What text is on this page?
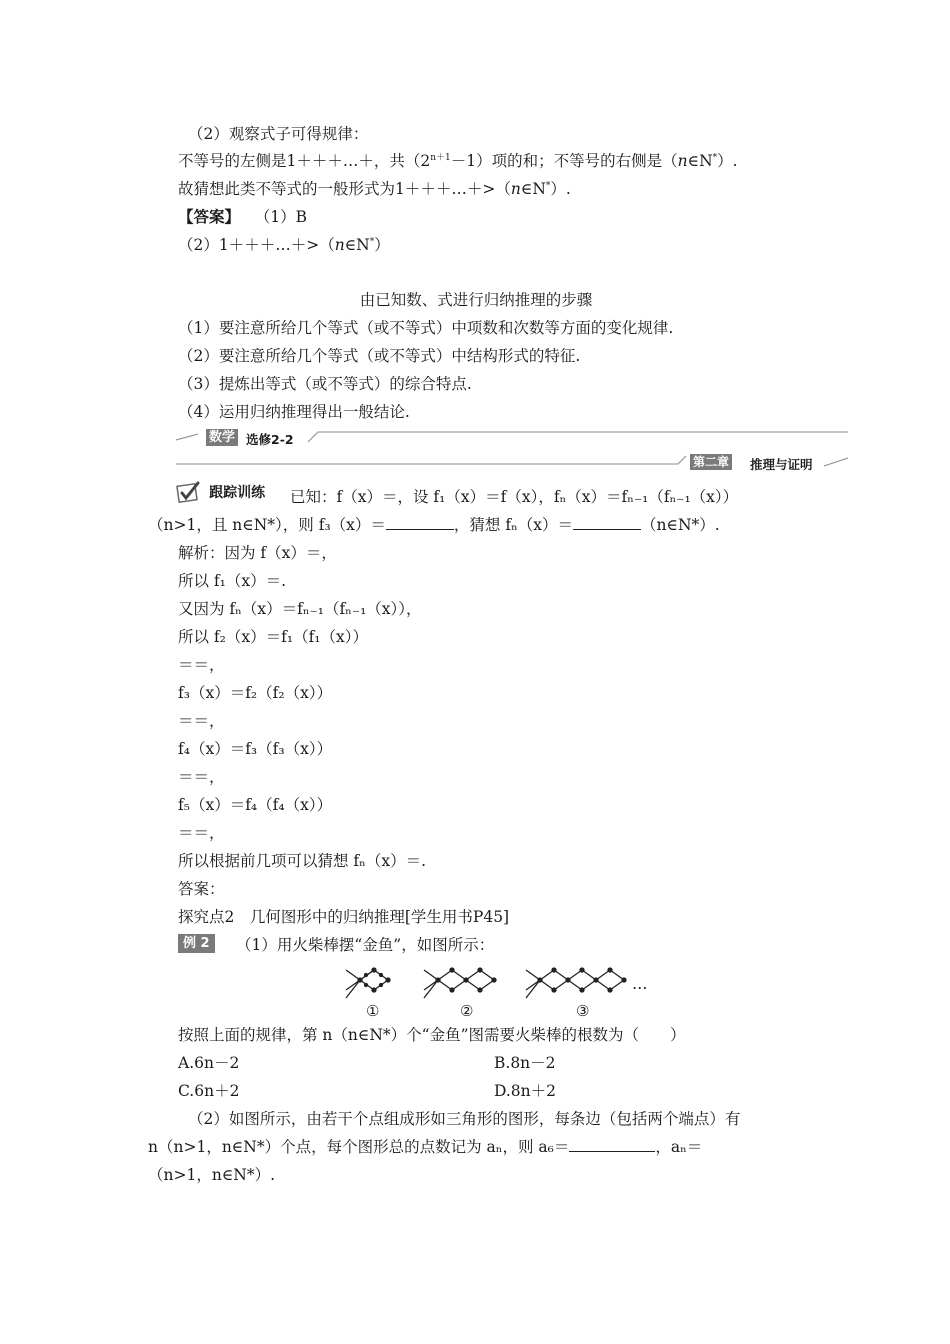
（2）观察式子可得规律：
不等号的左侧是1＋＋＋…＋，共$(2^{n+1}-1)$项的和；不等号的右侧是（n∈N*）.
故猜想此类不等式的一般形式为1＋＋＋…＋>（n∈N*）.
【答案】 （1）B
（2）1＋＋＋…＋>（n∈N*）
由已知数、式进行归纳推理的步骤
（1）要注意所给几个等式（或不等式）中项数和次数等方面的变化规律.
（2）要注意所给几个等式（或不等式）中结构形式的特征.
（3）提炼出等式（或不等式）的综合特点.
（4）运用归纳推理得出一般结论.
数学 选修2-2
第二章 推理与证明
跟踪训练 已知：f（x）＝，设 f₁（x）＝f（x），fₙ（x）＝fₙ₋₁（fₙ₋₁（x））
（n>1，且 n∈N*），则 f₃（x）＝	，猜想 fₙ（x）＝	（n∈N*）.
解析：因为 f（x）＝，
所以 f₁（x）＝.
又因为 fₙ（x）＝fₙ₋₁（fₙ₋₁（x）），
所以 f₂（x）＝f₁（f₁（x））
＝＝，
f₃（x）＝f₂（f₂（x））
＝＝，
f₄（x）＝f₃（f₃（x））
＝＝，
f₅（x）＝f₄（f₄（x））
＝＝，
所以根据前几项可以猜想 fₙ（x）＝.
答案：
探究点2　几何图形中的归纳推理[学生用书P45]
例 2	（1）用火柴棒摆“金鱼”，如图所示：
…
①	②	③
按照上面的规律，第 n（n∈N*）个“金鱼”图需要火柴棒的根数为（　　）
A.6n－2	B.8n－2
C.6n＋2	D.8n＋2
（2）如图所示，由若干个点组成形如三角形的图形，每条边（包括两个端点）有
n（n>1，n∈N*）个点，每个图形总的点数记为 aₙ，则 a₆＝	，aₙ＝
（n>1，n∈N*）.
